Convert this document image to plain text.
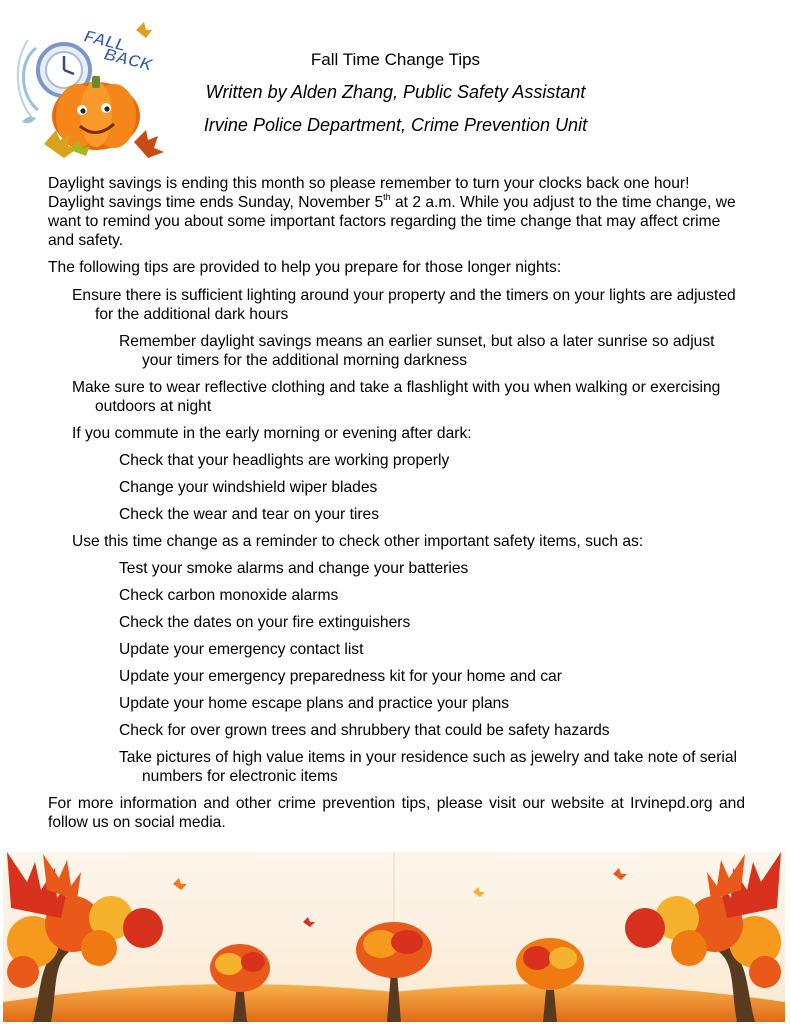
FALL
BACK	Fall Time Change Tips
Written by Alden Zhang, Public Safety Assistant
Irvine Police Department, Crime Prevention Unit

Daylight savings is ending this month so please remember to turn your clocks back one hour! Daylight savings time ends Sunday, November 5th at 2 a.m. While you adjust to the time change, we want to remind you about some important factors regarding the time change that may affect crime and safety.

The following tips are provided to help you prepare for those longer nights:

Ensure there is sufficient lighting around your property and the timers on your lights are adjusted for the additional dark hours
Remember daylight savings means an earlier sunset, but also a later sunrise so adjust your timers for the additional morning darkness
Make sure to wear reflective clothing and take a flashlight with you when walking or exercising outdoors at night
If you commute in the early morning or evening after dark:
Check that your headlights are working properly
Change your windshield wiper blades
Check the wear and tear on your tires
Use this time change as a reminder to check other important safety items, such as:
Test your smoke alarms and change your batteries
Check carbon monoxide alarms
Check the dates on your fire extinguishers
Update your emergency contact list
Update your emergency preparedness kit for your home and car
Update your home escape plans and practice your plans
Check for over grown trees and shrubbery that could be safety hazards
Take pictures of high value items in your residence such as jewelry and take note of serial numbers for electronic items

For more information and other crime prevention tips, please visit our website at Irvinepd.org and follow us on social media.
